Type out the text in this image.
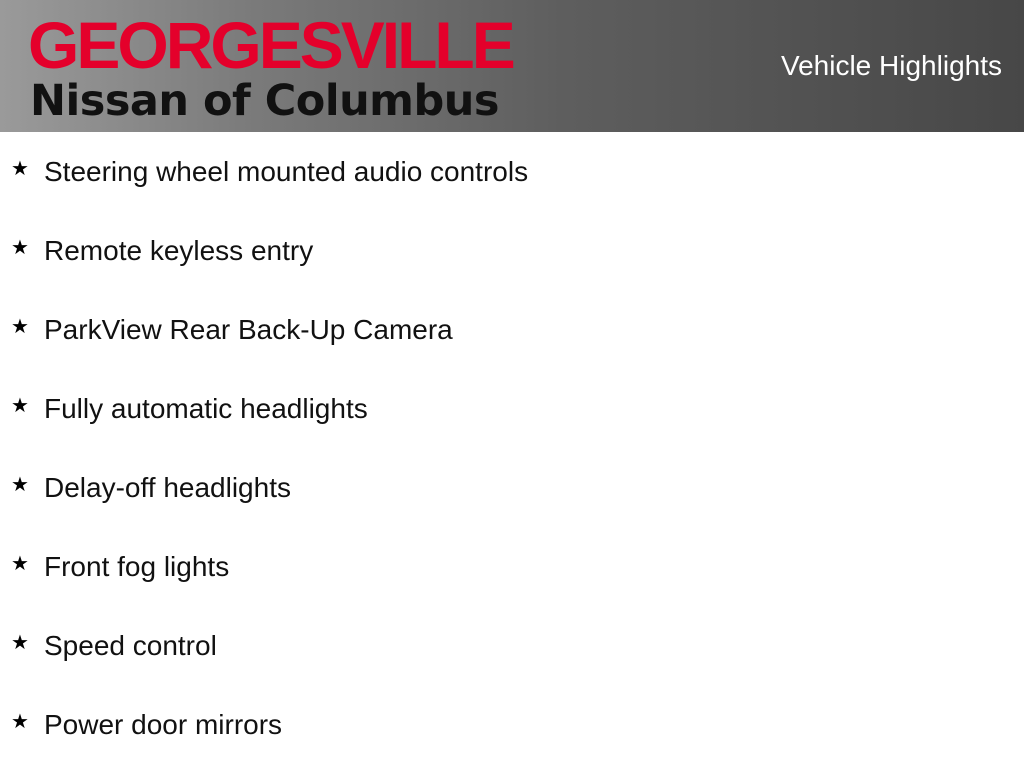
GEORGESVILLE
Nissan of Columbus
Vehicle Highlights
★ Steering wheel mounted audio controls
★ Remote keyless entry
★ ParkView Rear Back-Up Camera
★ Fully automatic headlights
★ Delay-off headlights
★ Front fog lights
★ Speed control
★ Power door mirrors
